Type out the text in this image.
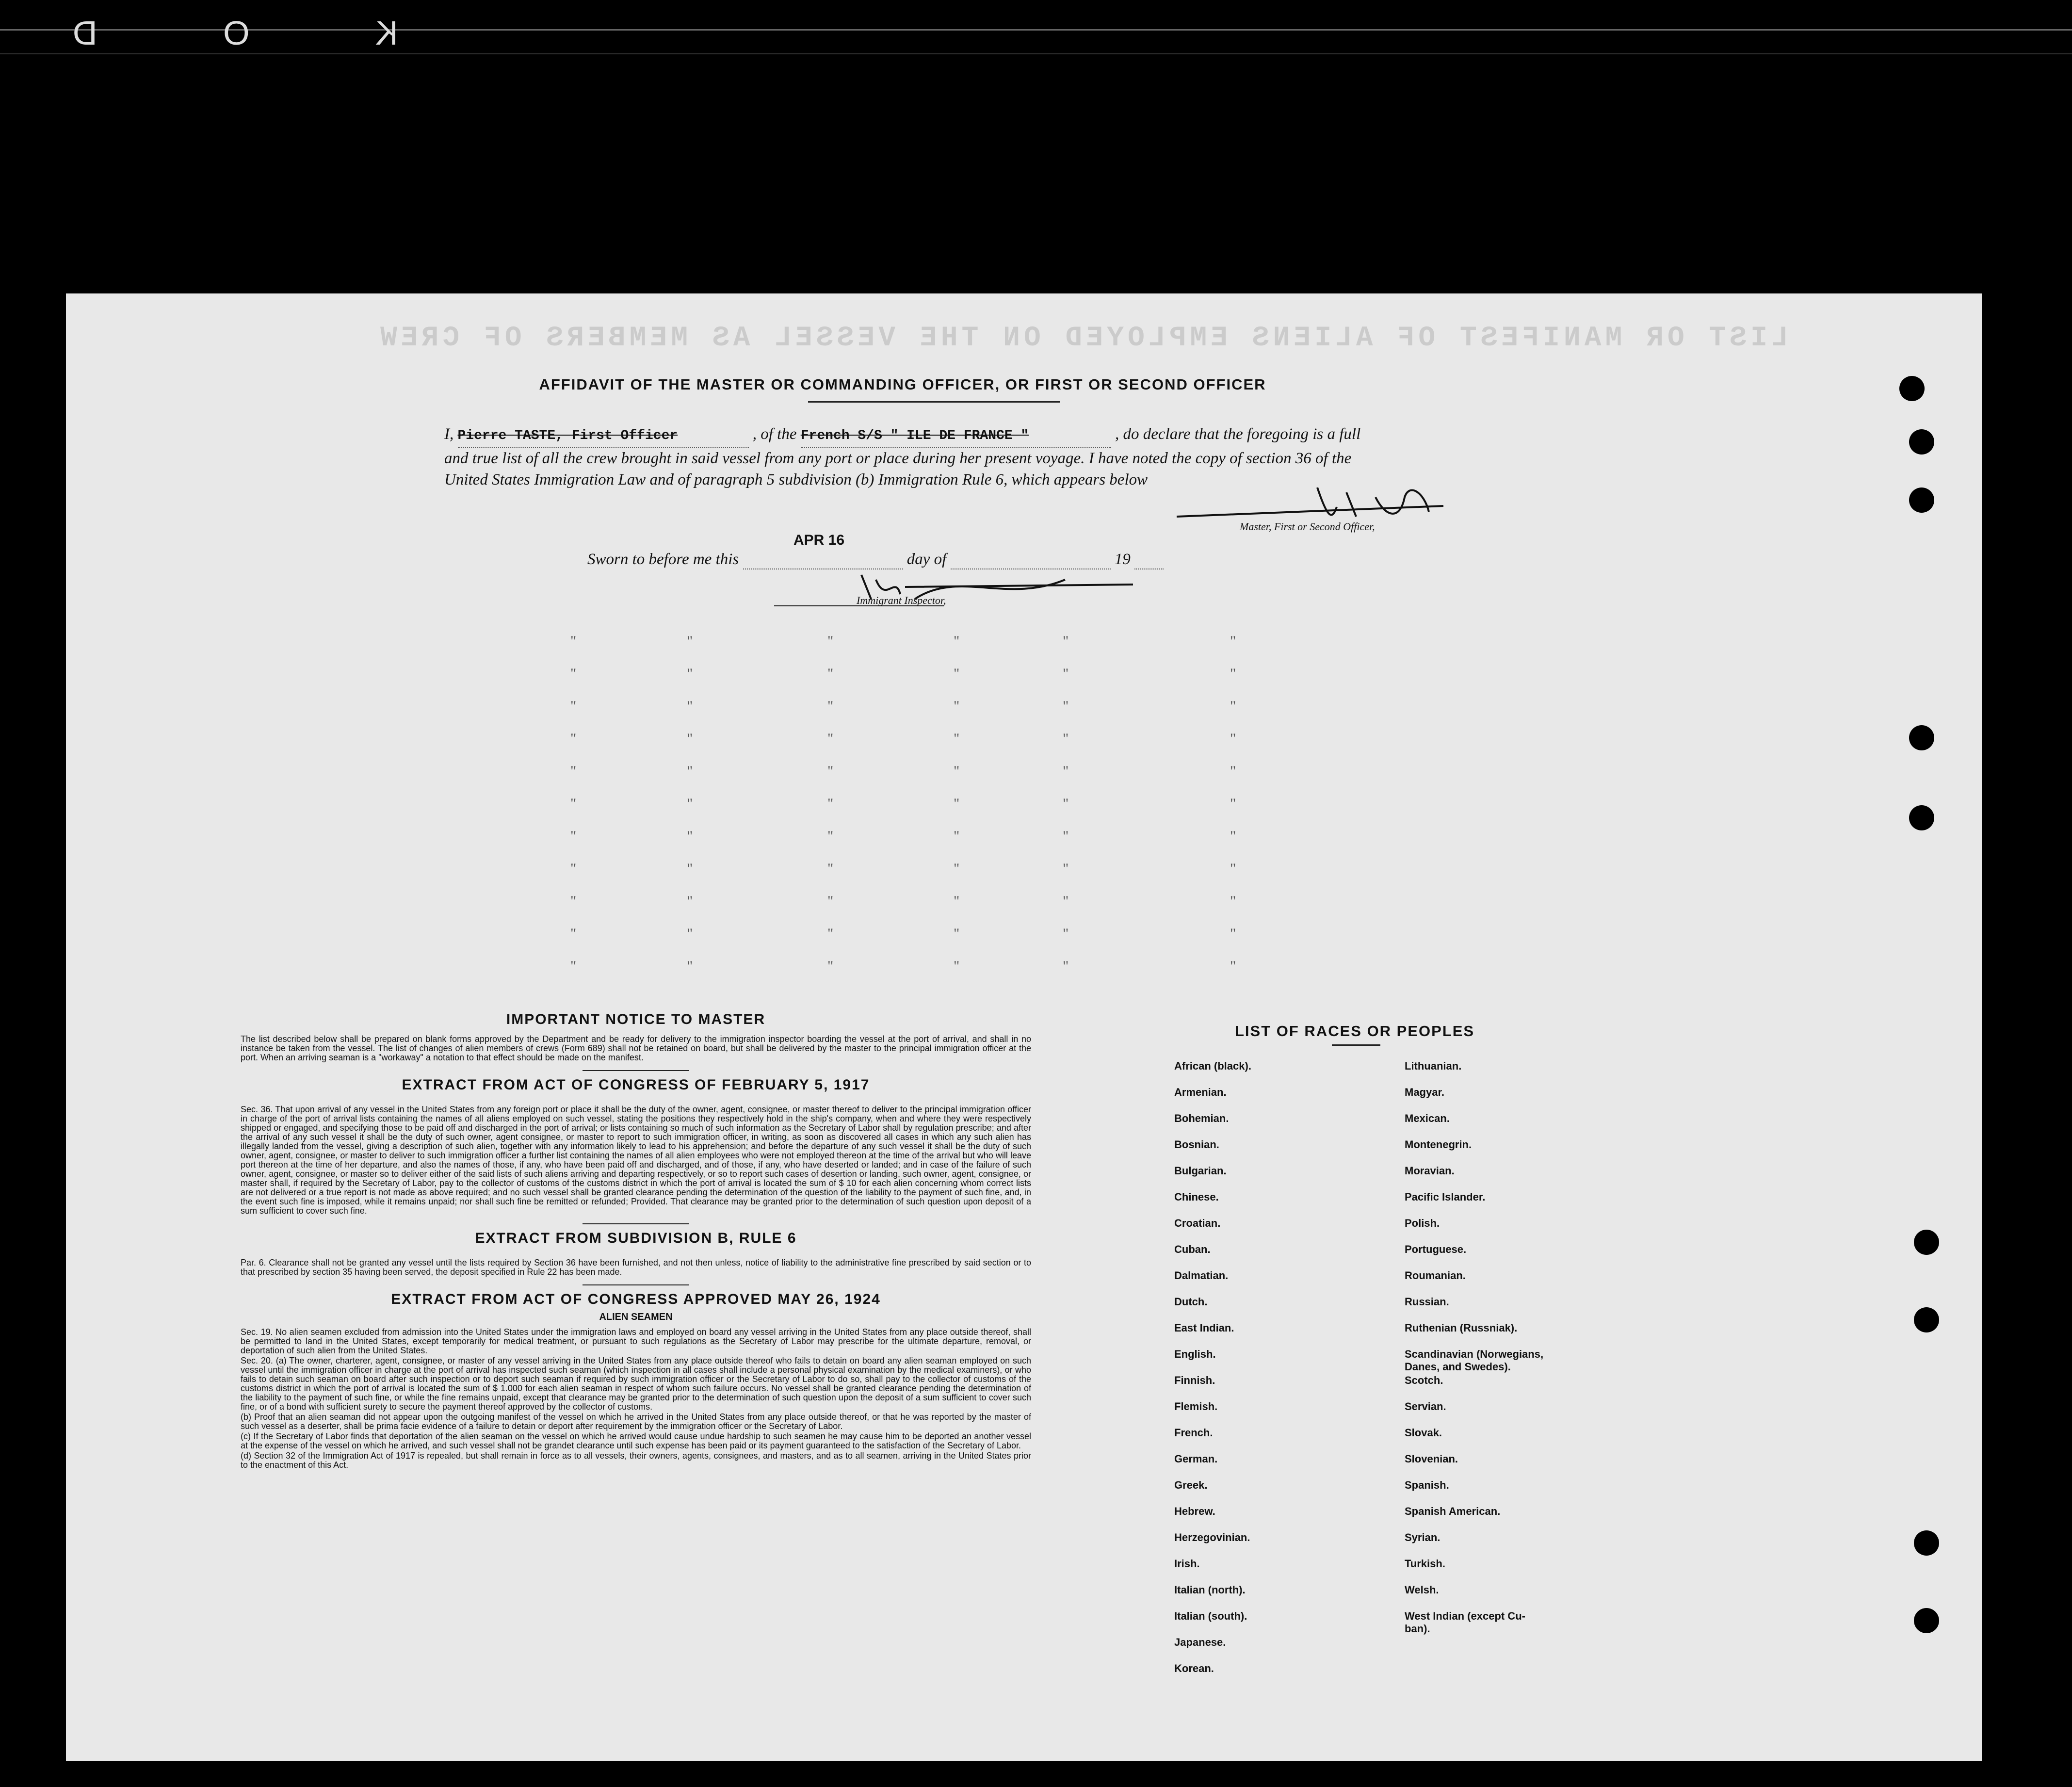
K O D
LIST OR MANIFEST OF ALIENS EMPLOYED ON THE VESSEL AS MEMBERS OF CREW
AFFIDAVIT OF THE MASTER OR COMMANDING OFFICER, OR FIRST OR SECOND OFFICER
I, Pierre TASTE, First Officer	, of the French S/S " ILE DE FRANCE "	, do declare that the foregoing is a full and true list of all the crew brought in said vessel from any port or place during her present voyage. I have noted the copy of section 36 of the United States Immigration Law and of paragraph 5 subdivision (b) Immigration Rule 6, which appears below
Master, First or Second Officer,
APR 16
Sworn to before me this	day of	19
Immigrant Inspector,
"	"	"	"	"	"
"	"	"	"	"	"
"	"	"	"	"	"
"	"	"	"	"	"
"	"	"	"	"	"
"	"	"	"	"	"
"	"	"	"	"	"
"	"	"	"	"	"
"	"	"	"	"	"
"	"	"	"	"	"
"	"	"	"	"	"

IMPORTANT NOTICE TO MASTER

The list described below shall be prepared on blank forms approved by the Department and be ready for delivery to the immigration inspector boarding the vessel at the port of arrival, and shall in no instance be taken from the vessel. The list of changes of alien members of crews (Form 689) shall not be retained on board, but shall be delivered by the master to the principal immigration officer at the port. When an arriving seaman is a "workaway" a notation to that effect should be made on the manifest.

EXTRACT FROM ACT OF CONGRESS OF FEBRUARY 5, 1917

Sec. 36. That upon arrival of any vessel in the United States from any foreign port or place it shall be the duty of the owner, agent, consignee, or master thereof to deliver to the principal immigration officer in charge of the port of arrival lists containing the names of all aliens employed on such vessel, stating the positions they respectively hold in the ship's company, when and where they were respectively shipped or engaged, and specifying those to be paid off and discharged in the port of arrival; or lists containing so much of such information as the Secretary of Labor shall by regulation prescribe; and after the arrival of any such vessel it shall be the duty of such owner, agent consignee, or master to report to such immigration officer, in writing, as soon as discovered all cases in which any such alien has illegally landed from the vessel, giving a description of such alien, together with any information likely to lead to his apprehension; and before the departure of any such vessel it shall be the duty of such owner, agent, consignee, or master to deliver to such immigration officer a further list containing the names of all alien employees who were not employed thereon at the time of the arrival but who will leave port thereon at the time of her departure, and also the names of those, if any, who have been paid off and discharged, and of those, if any, who have deserted or landed; and in case of the failure of such owner, agent, consignee, or master so to deliver either of the said lists of such aliens arriving and departing respectively, or so to report such cases of desertion or landing, such owner, agent, consignee, or master shall, if required by the Secretary of Labor, pay to the collector of customs of the customs district in which the port of arrival is located the sum of $ 10 for each alien concerning whom correct lists are not delivered or a true report is not made as above required; and no such vessel shall be granted clearance pending the determination of the question of the liability to the payment of such fine, and, in the event such fine is imposed, while it remains unpaid; nor shall such fine be remitted or refunded; Provided. That clearance may be granted prior to the determination of such question upon deposit of a sum sufficient to cover such fine.

EXTRACT FROM SUBDIVISION B, RULE 6

Par. 6. Clearance shall not be granted any vessel until the lists required by Section 36 have been furnished, and not then unless, notice of liability to the administrative fine prescribed by said section or to that prescribed by section 35 having been served, the deposit specified in Rule 22 has been made.

EXTRACT FROM ACT OF CONGRESS APPROVED MAY 26, 1924

ALIEN SEAMEN

Sec. 19. No alien seamen excluded from admission into the United States under the immigration laws and employed on board any vessel arriving in the United States from any place outside thereof, shall be permitted to land in the United States, except temporarily for medical treatment, or pursuant to such regulations as the Secretary of Labor may prescribe for the ultimate departure, removal, or deportation of such alien from the United States.

Sec. 20. (a) The owner, charterer, agent, consignee, or master of any vessel arriving in the United States from any place outside thereof who fails to detain on board any alien seaman employed on such vessel until the immigration officer in charge at the port of arrival has inspected such seaman (which inspection in all cases shall include a personal physical examination by the medical examiners), or who fails to detain such seaman on board after such inspection or to deport such seaman if required by such immigration officer or the Secretary of Labor to do so, shall pay to the collector of customs of the customs district in which the port of arrival is located the sum of $ 1.000 for each alien seaman in respect of whom such failure occurs. No vessel shall be granted clearance pending the determination of the liability to the payment of such fine, or while the fine remains unpaid, except that clearance may be granted prior to the determination of such question upon the deposit of a sum sufficient to cover such fine, or of a bond with sufficient surety to secure the payment thereof approved by the collector of customs.

(b) Proof that an alien seaman did not appear upon the outgoing manifest of the vessel on which he arrived in the United States from any place outside thereof, or that he was reported by the master of such vessel as a deserter, shall be prima facie evidence of a failure to detain or deport after requirement by the immigration officer or the Secretary of Labor.

(c) If the Secretary of Labor finds that deportation of the alien seaman on the vessel on which he arrived would cause undue hardship to such seamen he may cause him to be deported an another vessel at the expense of the vessel on which he arrived, and such vessel shall not be grandet clearance until such expense has been paid or its payment guaranteed to the satisfaction of the Secretary of Labor.

(d) Section 32 of the Immigration Act of 1917 is repealed, but shall remain in force as to all vessels, their owners, agents, consignees, and masters, and as to all seamen, arriving in the United States prior to the enactment of this Act.

LIST OF RACES OR PEOPLES
African (black).
Armenian.
Bohemian.
Bosnian.
Bulgarian.
Chinese.
Croatian.
Cuban.
Dalmatian.
Dutch.
East Indian.
English.
Finnish.
Flemish.
French.
German.
Greek.
Hebrew.
Herzegovinian.
Irish.
Italian (north).
Italian (south).
Japanese.
Korean.
Lithuanian.
Magyar.
Mexican.
Montenegrin.
Moravian.
Pacific Islander.
Polish.
Portuguese.
Roumanian.
Russian.
Ruthenian (Russniak).
Scandinavian (Norwegians,
Danes, and Swedes).
Scotch.
Servian.
Slovak.
Slovenian.
Spanish.
Spanish American.
Syrian.
Turkish.
Welsh.
West Indian (except Cu-
ban).
